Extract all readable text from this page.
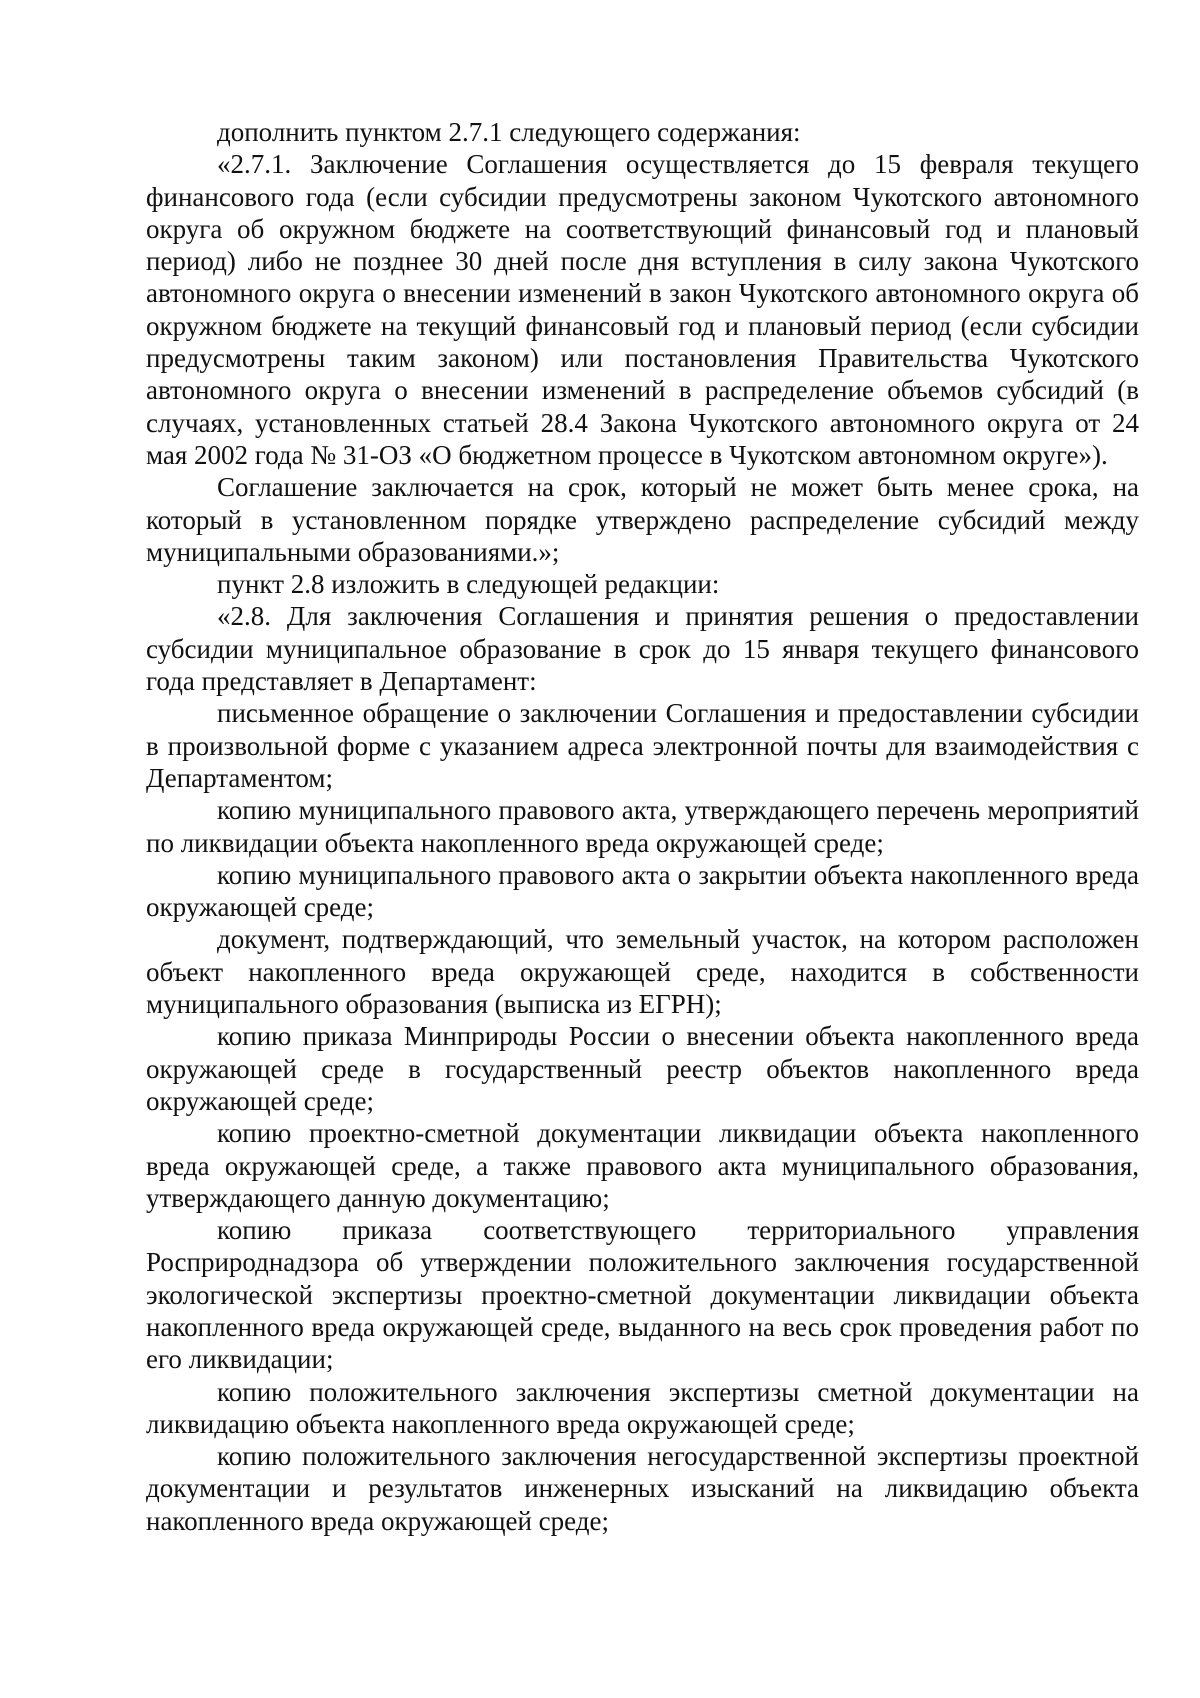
дополнить пунктом 2.7.1 следующего содержания:

«2.7.1. Заключение Соглашения осуществляется до 15 февраля текущего финансового года (если субсидии предусмотрены законом Чукотского автономного округа об окружном бюджете на соответствующий финансовый год и плановый период) либо не позднее 30 дней после дня вступления в силу закона Чукотского автономного округа о внесении изменений в закон Чукотского автономного округа об окружном бюджете на текущий финансовый год и плановый период (если субсидии предусмотрены таким законом) или постановления Правительства Чукотского автономного округа о внесении изменений в распределение объемов субсидий (в случаях, установленных статьей 28.4 Закона Чукотского автономного округа от 24 мая 2002 года № 31-ОЗ «О бюджетном процессе в Чукотском автономном округе»).

Соглашение заключается на срок, который не может быть менее срока, на который в установленном порядке утверждено распределение субсидий между муниципальными образованиями.»;

пункт 2.8 изложить в следующей редакции:

«2.8. Для заключения Соглашения и принятия решения о предоставлении субсидии муниципальное образование в срок до 15 января текущего финансового года представляет в Департамент:

письменное обращение о заключении Соглашения и предоставлении субсидии в произвольной форме с указанием адреса электронной почты для взаимодействия с Департаментом;

копию муниципального правового акта, утверждающего перечень мероприятий по ликвидации объекта накопленного вреда окружающей среде;

копию муниципального правового акта о закрытии объекта накопленного вреда окружающей среде;

документ, подтверждающий, что земельный участок, на котором расположен объект накопленного вреда окружающей среде, находится в собственности муниципального образования (выписка из ЕГРН);

копию приказа Минприроды России о внесении объекта накопленного вреда окружающей среде в государственный реестр объектов накопленного вреда окружающей среде;

копию проектно-сметной документации ликвидации объекта накопленного вреда окружающей среде, а также правового акта муниципального образования, утверждающего данную документацию;

копию приказа соответствующего территориального управления Росприроднадзора об утверждении положительного заключения государственной экологической экспертизы проектно-сметной документации ликвидации объекта накопленного вреда окружающей среде, выданного на весь срок проведения работ по его ликвидации;

копию положительного заключения экспертизы сметной документации на ликвидацию объекта накопленного вреда окружающей среде;

копию положительного заключения негосударственной экспертизы проектной документации и результатов инженерных изысканий на ликвидацию объекта накопленного вреда окружающей среде;
